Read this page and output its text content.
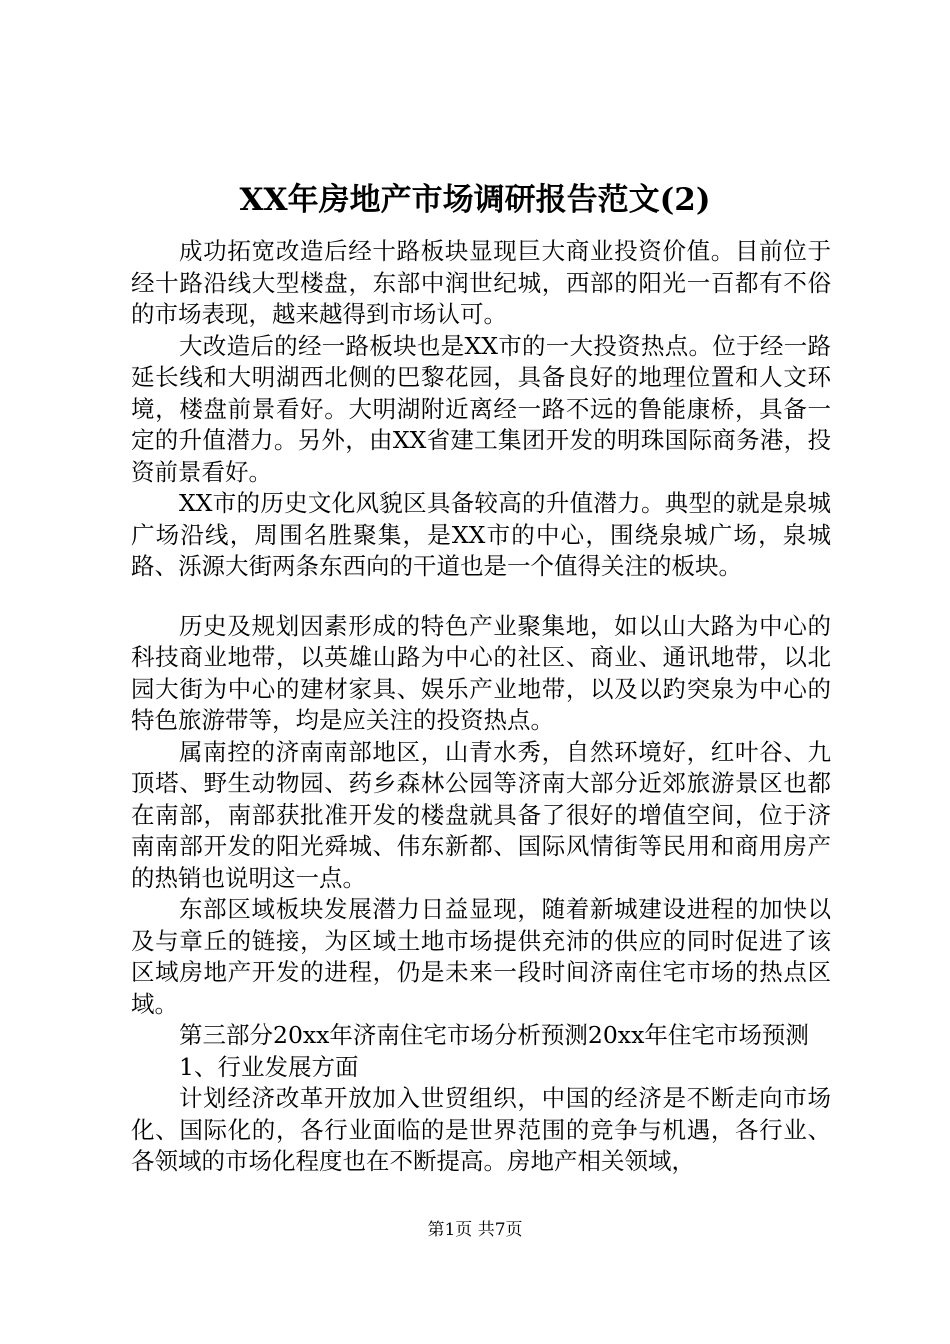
XX年房地产市场调研报告范文(2)

成功拓宽改造后经十路板块显现巨大商业投资价值。目前位于经十路沿线大型楼盘，东部中润世纪城，西部的阳光一百都有不俗的市场表现，越来越得到市场认可。

大改造后的经一路板块也是XX市的一大投资热点。位于经一路延长线和大明湖西北侧的巴黎花园，具备良好的地理位置和人文环境，楼盘前景看好。大明湖附近离经一路不远的鲁能康桥，具备一定的升值潜力。另外，由XX省建工集团开发的明珠国际商务港，投资前景看好。

XX市的历史文化风貌区具备较高的升值潜力。典型的就是泉城广场沿线，周围名胜聚集，是XX市的中心，围绕泉城广场，泉城路、泺源大街两条东西向的干道也是一个值得关注的板块。

历史及规划因素形成的特色产业聚集地，如以山大路为中心的科技商业地带，以英雄山路为中心的社区、商业、通讯地带，以北园大街为中心的建材家具、娱乐产业地带，以及以趵突泉为中心的特色旅游带等，均是应关注的投资热点。

属南控的济南南部地区，山青水秀，自然环境好，红叶谷、九顶塔、野生动物园、药乡森林公园等济南大部分近郊旅游景区也都在南部，南部获批准开发的楼盘就具备了很好的增值空间，位于济南南部开发的阳光舜城、伟东新都、国际风情街等民用和商用房产的热销也说明这一点。

东部区域板块发展潜力日益显现，随着新城建设进程的加快以及与章丘的链接，为区域土地市场提供充沛的供应的同时促进了该区域房地产开发的进程，仍是未来一段时间济南住宅市场的热点区域。

第三部分20xx年济南住宅市场分析预测20xx年住宅市场预测

1、行业发展方面

计划经济改革开放加入世贸组织，中国的经济是不断走向市场化、国际化的，各行业面临的是世界范围的竞争与机遇，各行业、各领域的市场化程度也在不断提高。房地产相关领域，

第1页 共7页
